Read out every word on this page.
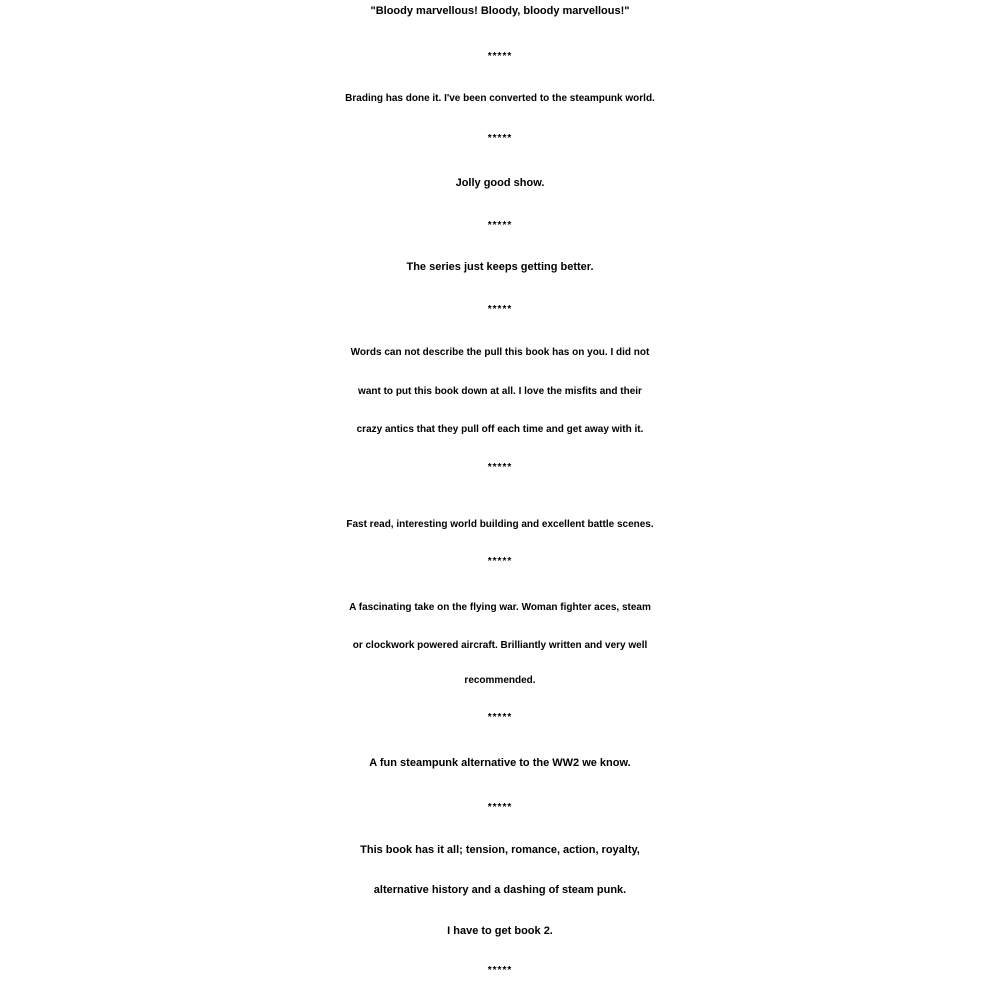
"Bloody marvellous! Bloody, bloody marvellous!"
*****
Brading has done it. I've been converted to the steampunk world.
*****
Jolly good show.
*****
The series just keeps getting better.
*****
Words can not describe the pull this book has on you. I did not
want to put this book down at all. I love the misfits and their
crazy antics that they pull off each time and get away with it.
*****
Fast read, interesting world building and excellent battle scenes.
*****
A fascinating take on the flying war. Woman fighter aces, steam
or clockwork powered aircraft. Brilliantly written and very well
recommended.
*****
A fun steampunk alternative to the WW2 we know.
*****
This book has it all; tension, romance, action, royalty,
alternative history and a dashing of steam punk.
I have to get book 2.
*****
